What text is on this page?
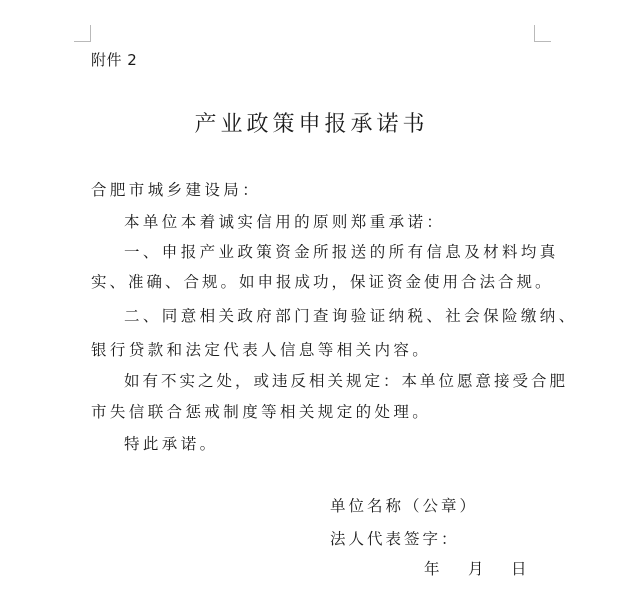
附件 2
产业政策申报承诺书
合肥市城乡建设局：
本单位本着诚实信用的原则郑重承诺：
一、申报产业政策资金所报送的所有信息及材料均真
实、准确、合规。如申报成功，保证资金使用合法合规。
二、同意相关政府部门查询验证纳税、社会保险缴纳、
银行贷款和法定代表人信息等相关内容。
如有不实之处，或违反相关规定：本单位愿意接受合肥
市失信联合惩戒制度等相关规定的处理。
特此承诺。
单位名称（公章）
法人代表签字：
年 月 日
